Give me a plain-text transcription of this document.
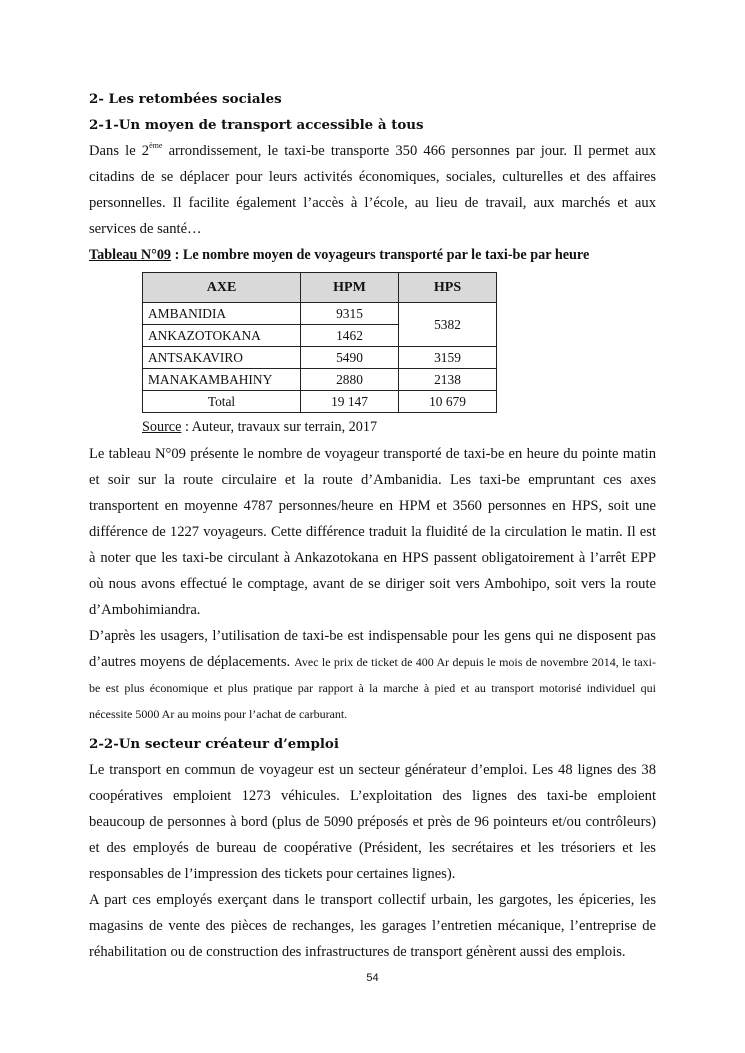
2- Les retombées sociales

2-1-Un moyen de transport accessible à tous

Dans le 2ème arrondissement, le taxi-be transporte 350 466 personnes par jour. Il permet aux citadins de se déplacer pour leurs activités économiques, sociales, culturelles et des affaires personnelles. Il facilite également l’accès à l’école, au lieu de travail, aux marchés et aux services de santé…

Tableau N°09 : Le nombre moyen de voyageurs transporté par le taxi-be par heure

AXE	HPM	HPS
AMBANIDIA	9315	5382
ANKAZOTOKANA	1462	
ANTSAKAVIRO	5490	3159
MANAKAMBAHINY	2880	2138
Total	19 147	10 679

Source : Auteur, travaux sur terrain, 2017

Le tableau N°09 présente le nombre de voyageur transporté de taxi-be en heure du pointe matin et soir sur la route circulaire et la route d’Ambanidia. Les taxi-be empruntant ces axes transportent en moyenne 4787 personnes/heure en HPM et 3560 personnes en HPS, soit une différence de 1227 voyageurs. Cette différence traduit la fluidité de la circulation le matin. Il est à noter que les taxi-be circulant à Ankazotokana en HPS passent obligatoirement à l’arrêt EPP où nous avons effectué le comptage, avant de se diriger soit vers Ambohipo, soit vers la route d’Ambohimiandra.

D’après les usagers, l’utilisation de taxi-be est indispensable pour les gens qui ne disposent pas d’autres moyens de déplacements. Avec le prix de ticket de 400 Ar depuis le mois de novembre 2014, le taxi-be est plus économique et plus pratique par rapport à la marche à pied et au transport motorisé individuel qui nécessite 5000 Ar au moins pour l’achat de carburant.

2-2-Un secteur créateur d’emploi

Le transport en commun de voyageur est un secteur générateur d’emploi. Les 48 lignes des 38 coopératives emploient 1273 véhicules. L’exploitation des lignes des taxi-be emploient beaucoup de personnes à bord (plus de 5090 préposés et près de 96 pointeurs et/ou contrôleurs) et des employés de bureau de coopérative (Président, les secrétaires et les trésoriers et les responsables de l’impression des tickets pour certaines lignes).

A part ces employés exerçant dans le transport collectif urbain, les gargotes, les épiceries, les magasins de vente des pièces de rechanges, les garages l’entretien mécanique, l’entreprise de réhabilitation ou de construction des infrastructures de transport génèrent aussi des emplois.

54
